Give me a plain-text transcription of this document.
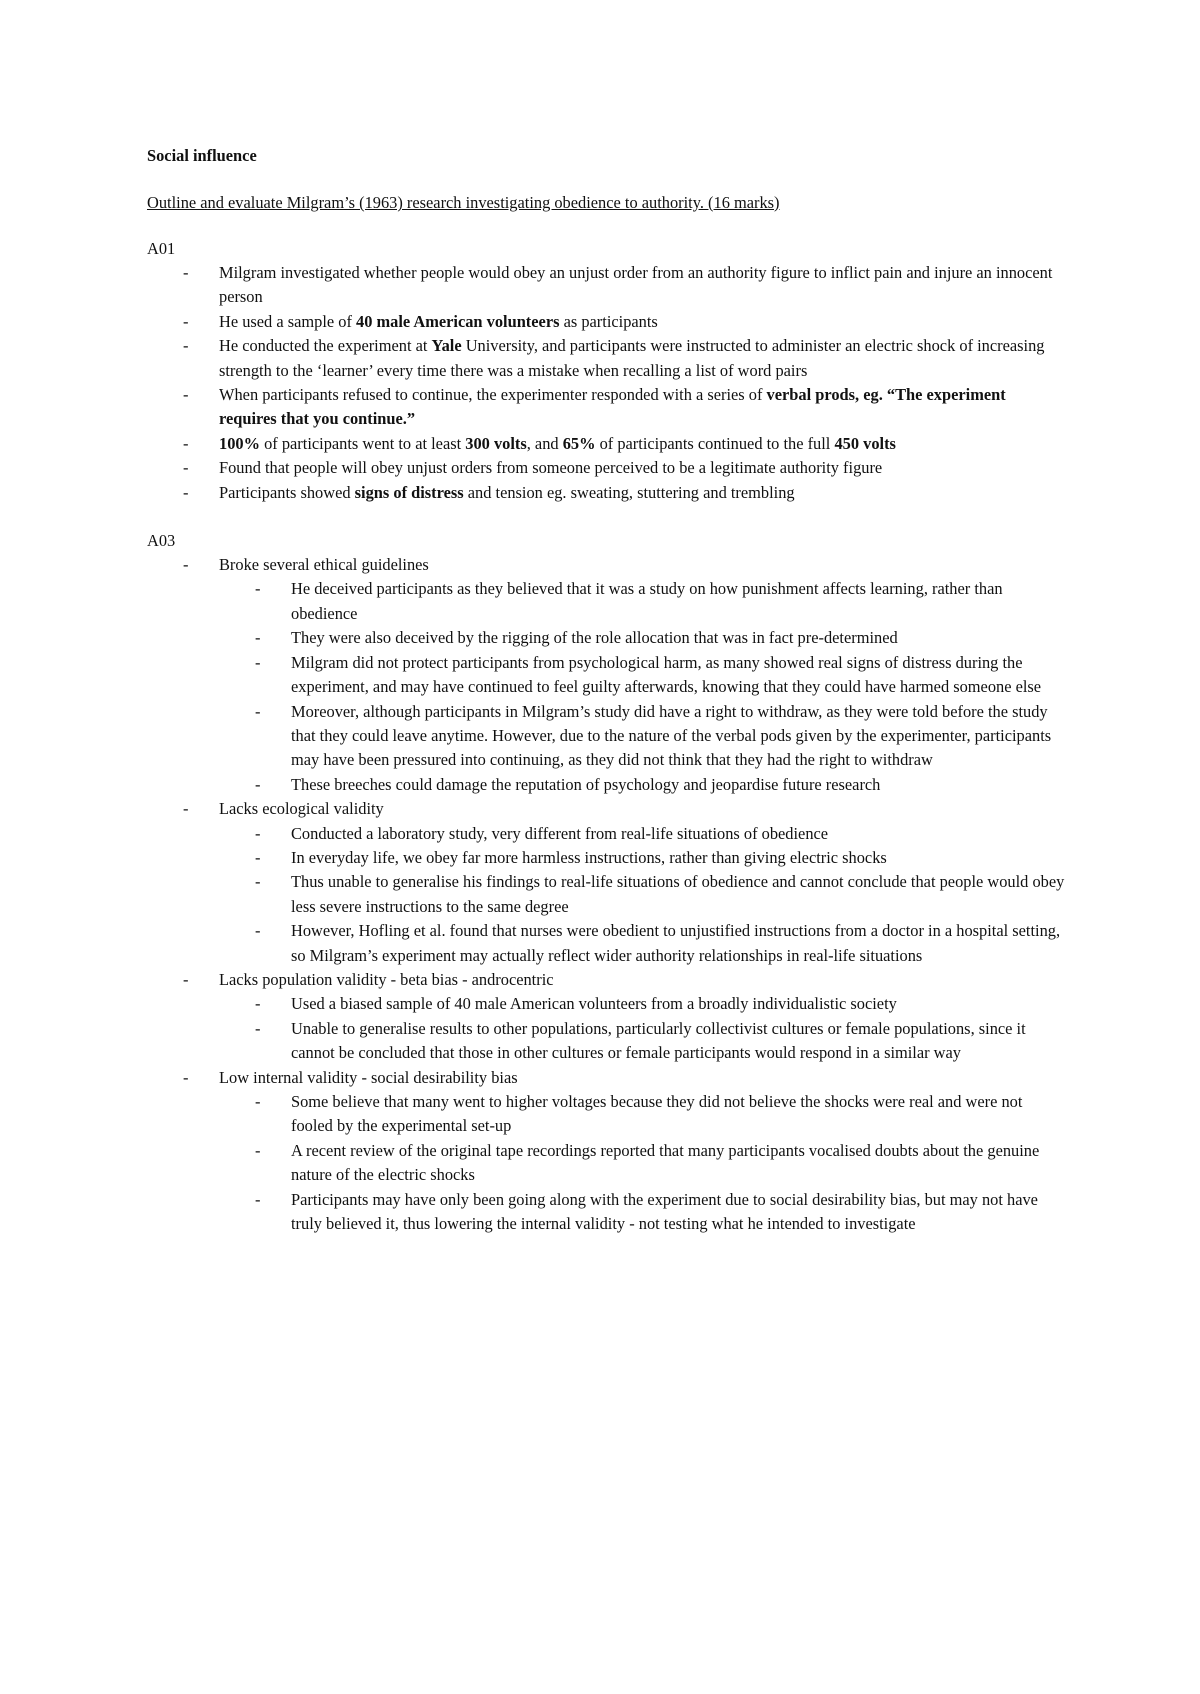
Social influence

Outline and evaluate Milgram’s (1963) research investigating obedience to authority. (16 marks)

A01

- Milgram investigated whether people would obey an unjust order from an authority figure to inflict pain and injure an innocent person
- He used a sample of 40 male American volunteers as participants
- He conducted the experiment at Yale University, and participants were instructed to administer an electric shock of increasing strength to the ‘learner’ every time there was a mistake when recalling a list of word pairs
- When participants refused to continue, the experimenter responded with a series of verbal prods, eg. “The experiment requires that you continue.”
- 100% of participants went to at least 300 volts, and 65% of participants continued to the full 450 volts
- Found that people will obey unjust orders from someone perceived to be a legitimate authority figure
- Participants showed signs of distress and tension eg. sweating, stuttering and trembling

A03

- Broke several ethical guidelines
- He deceived participants as they believed that it was a study on how punishment affects learning, rather than obedience
- They were also deceived by the rigging of the role allocation that was in fact pre-determined
- Milgram did not protect participants from psychological harm, as many showed real signs of distress during the experiment, and may have continued to feel guilty afterwards, knowing that they could have harmed someone else
- Moreover, although participants in Milgram’s study did have a right to withdraw, as they were told before the study that they could leave anytime. However, due to the nature of the verbal pods given by the experimenter, participants may have been pressured into continuing, as they did not think that they had the right to withdraw
- These breeches could damage the reputation of psychology and jeopardise future research
- Lacks ecological validity
- Conducted a laboratory study, very different from real-life situations of obedience
- In everyday life, we obey far more harmless instructions, rather than giving electric shocks
- Thus unable to generalise his findings to real-life situations of obedience and cannot conclude that people would obey less severe instructions to the same degree
- However, Hofling et al. found that nurses were obedient to unjustified instructions from a doctor in a hospital setting, so Milgram’s experiment may actually reflect wider authority relationships in real-life situations
- Lacks population validity - beta bias - androcentric
- Used a biased sample of 40 male American volunteers from a broadly individualistic society
- Unable to generalise results to other populations, particularly collectivist cultures or female populations, since it cannot be concluded that those in other cultures or female participants would respond in a similar way
- Low internal validity - social desirability bias
- Some believe that many went to higher voltages because they did not believe the shocks were real and were not fooled by the experimental set-up
- A recent review of the original tape recordings reported that many participants vocalised doubts about the genuine nature of the electric shocks
- Participants may have only been going along with the experiment due to social desirability bias, but may not have truly believed it, thus lowering the internal validity - not testing what he intended to investigate
